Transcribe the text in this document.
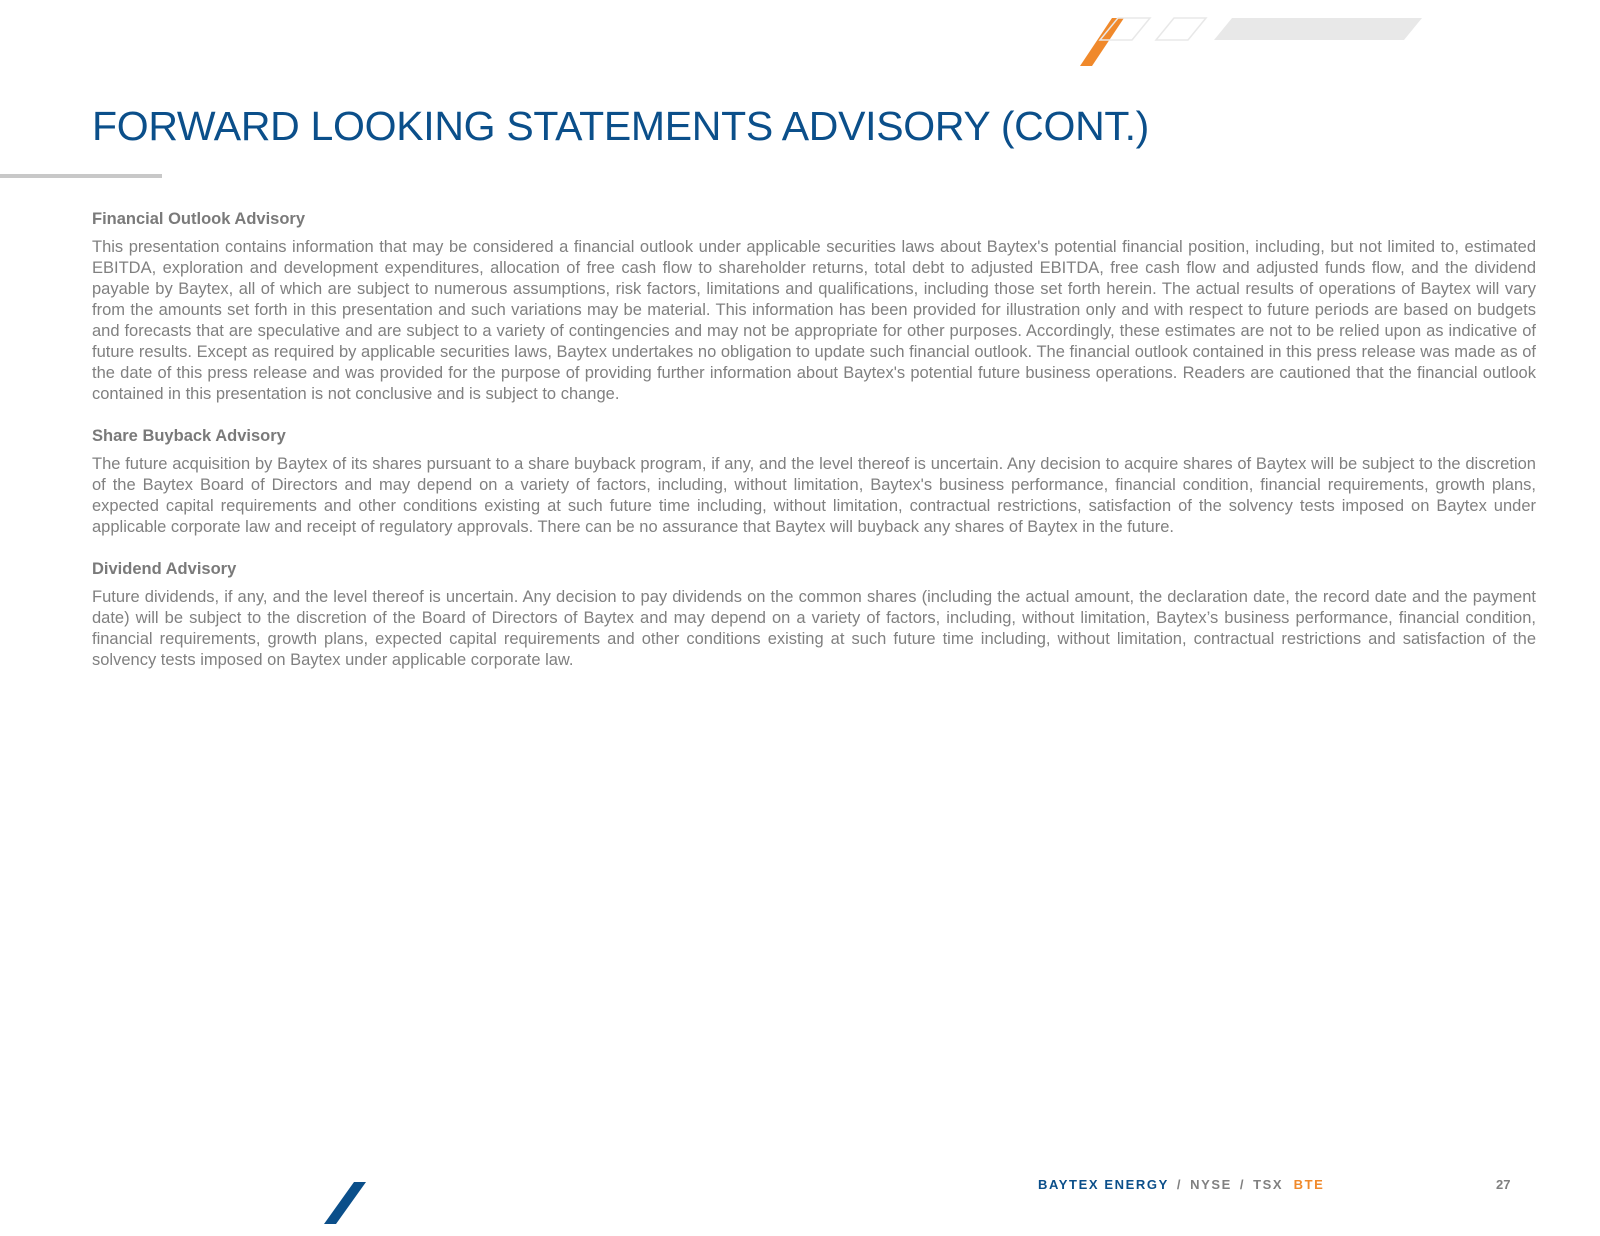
FORWARD LOOKING STATEMENTS ADVISORY (CONT.)
Financial Outlook Advisory

This presentation contains information that may be considered a financial outlook under applicable securities laws about Baytex's potential financial position, including, but not limited to, estimated EBITDA, exploration and development expenditures, allocation of free cash flow to shareholder returns, total debt to adjusted EBITDA, free cash flow and adjusted funds flow, and the dividend payable by Baytex, all of which are subject to numerous assumptions, risk factors, limitations and qualifications, including those set forth herein. The actual results of operations of Baytex will vary from the amounts set forth in this presentation and such variations may be material. This information has been provided for illustration only and with respect to future periods are based on budgets and forecasts that are speculative and are subject to a variety of contingencies and may not be appropriate for other purposes. Accordingly, these estimates are not to be relied upon as indicative of future results. Except as required by applicable securities laws, Baytex undertakes no obligation to update such financial outlook. The financial outlook contained in this press release was made as of the date of this press release and was provided for the purpose of providing further information about Baytex's potential future business operations. Readers are cautioned that the financial outlook contained in this presentation is not conclusive and is subject to change.

Share Buyback Advisory

The future acquisition by Baytex of its shares pursuant to a share buyback program, if any, and the level thereof is uncertain. Any decision to acquire shares of Baytex will be subject to the discretion of the Baytex Board of Directors and may depend on a variety of factors, including, without limitation, Baytex's business performance, financial condition, financial requirements, growth plans, expected capital requirements and other conditions existing at such future time including, without limitation, contractual restrictions, satisfaction of the solvency tests imposed on Baytex under applicable corporate law and receipt of regulatory approvals. There can be no assurance that Baytex will buyback any shares of Baytex in the future.

Dividend Advisory

Future dividends, if any, and the level thereof is uncertain. Any decision to pay dividends on the common shares (including the actual amount, the declaration date, the record date and the payment date) will be subject to the discretion of the Board of Directors of Baytex and may depend on a variety of factors, including, without limitation, Baytex’s business performance, financial condition, financial requirements, growth plans, expected capital requirements and other conditions existing at such future time including, without limitation, contractual restrictions and satisfaction of the solvency tests imposed on Baytex under applicable corporate law.

BAYTEX ENERGY / NYSE / TSX BTE	27
